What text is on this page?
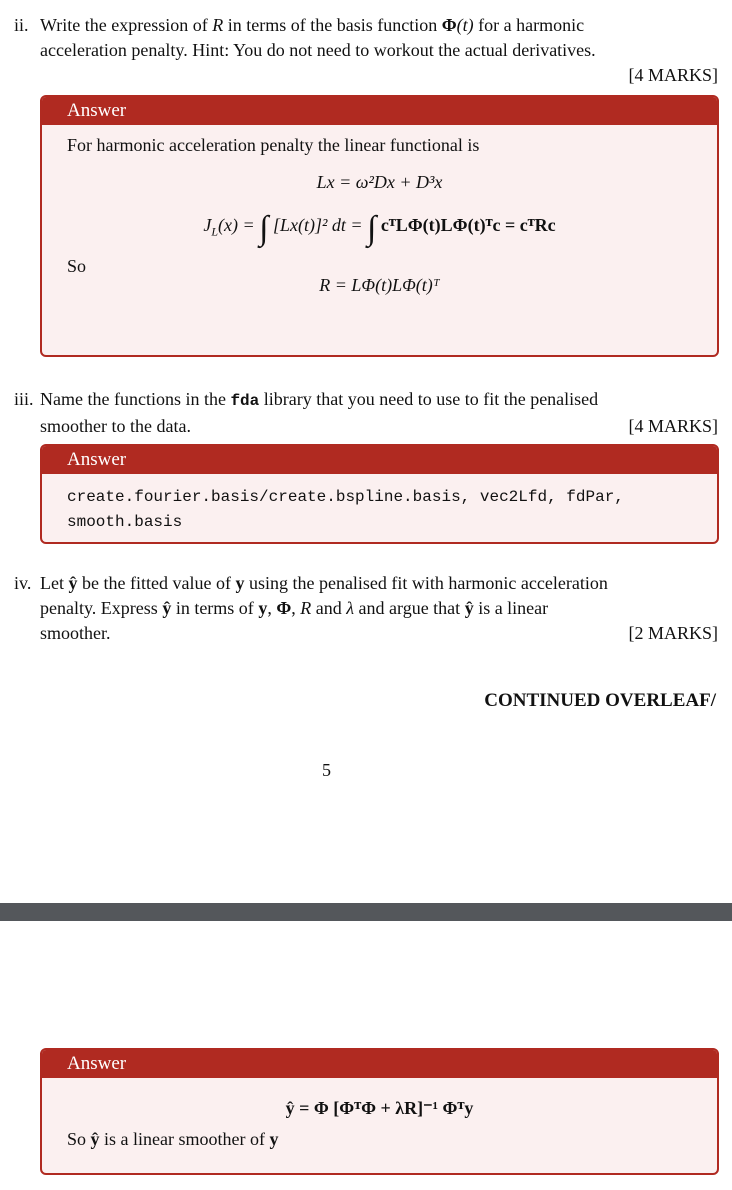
ii. Write the expression of R in terms of the basis function Φ(t) for a harmonic
acceleration penalty. Hint: You do not need to workout the actual derivatives.
[4 MARKS]
Answer
For harmonic acceleration penalty the linear functional is
Lx = ω²Dx + D³x
$J_L(x)$ = ∫ [Lx(t)]² dt = ∫ cᵀLΦ(t)LΦ(t)ᵀc = cᵀRc
So
R = LΦ(t)LΦ(t)ᵀ
iii. Name the functions in the fda library that you need to use to fit the penalised
smoother to the data.	[4 MARKS]
Answer
create.fourier.basis/create.bspline.basis, vec2Lfd, fdPar,
smooth.basis
iv. Let ŷ be the fitted value of y using the penalised fit with harmonic acceleration
penalty. Express ŷ in terms of y, Φ, R and λ and argue that ŷ is a linear
smoother.	[2 MARKS]
CONTINUED OVERLEAF/
5
Answer
ŷ = Φ [ΦᵀΦ + λR]⁻¹ Φᵀy
So ŷ is a linear smoother of y
